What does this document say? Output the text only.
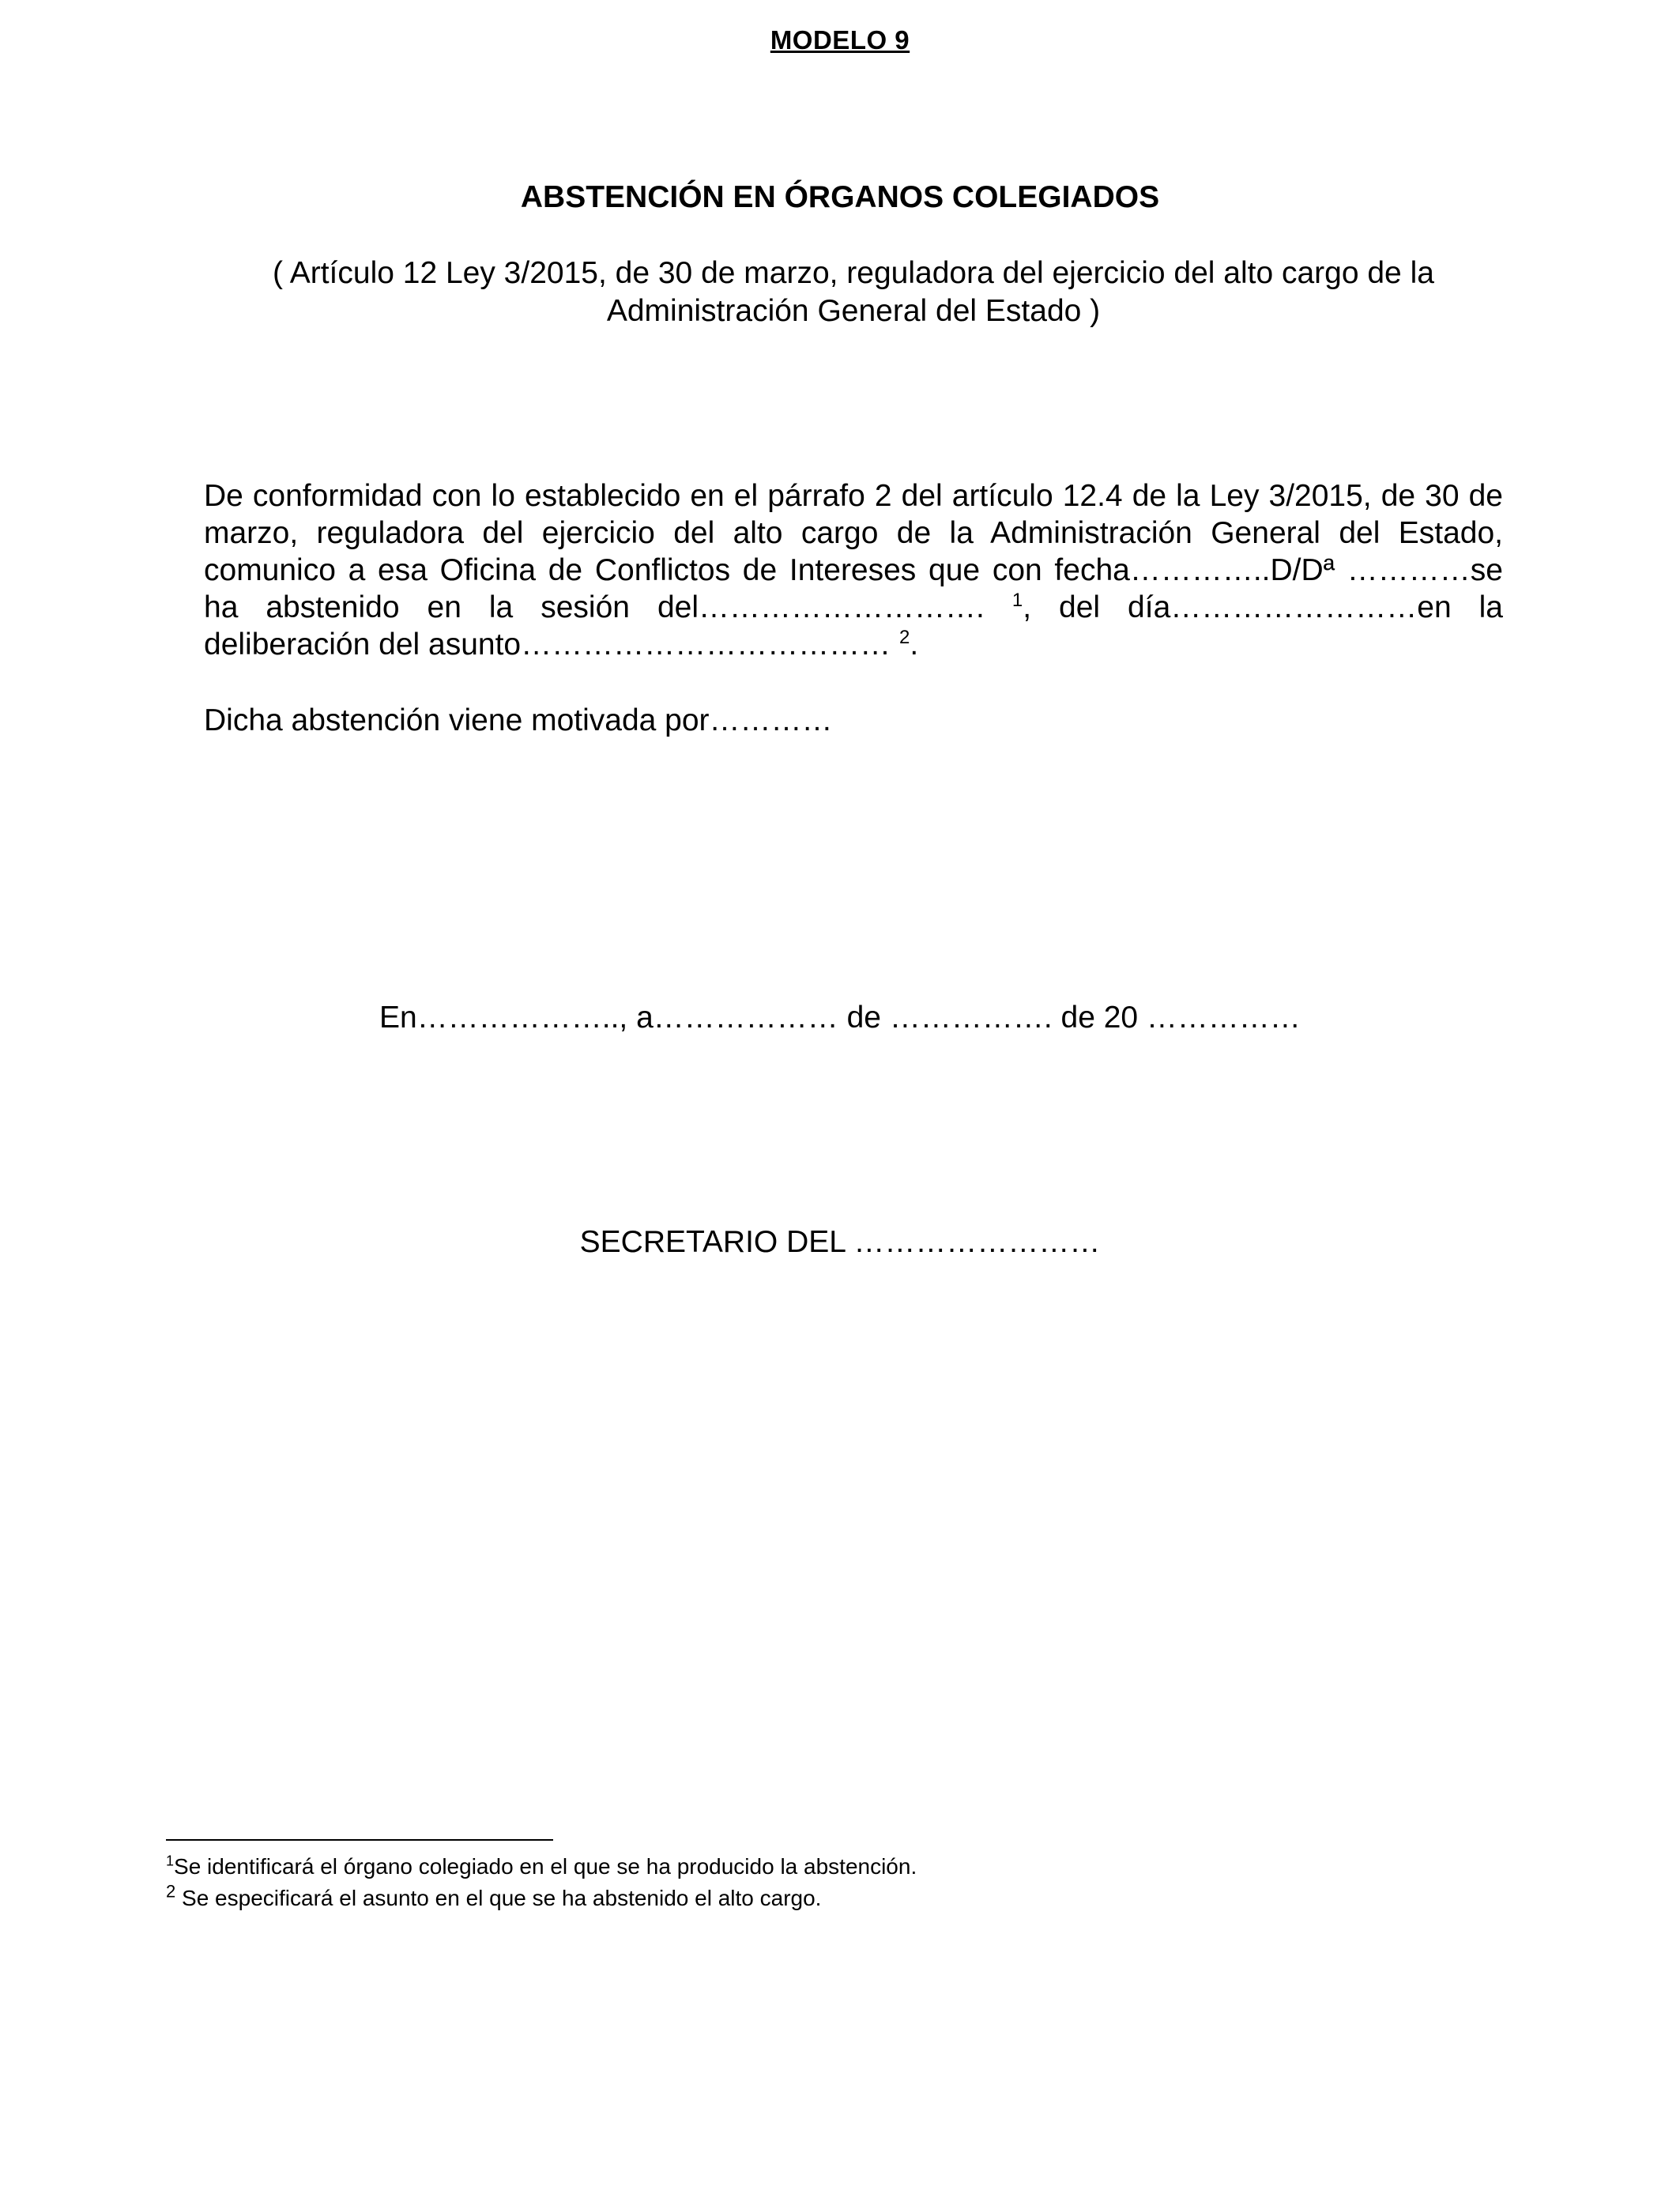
MODELO 9
ABSTENCIÓN EN ÓRGANOS COLEGIADOS
( Artículo 12 Ley 3/2015, de 30 de marzo, reguladora del ejercicio del alto cargo de la Administración General del Estado )
De conformidad con lo establecido en el párrafo 2 del artículo 12.4 de la Ley 3/2015, de 30 de marzo, reguladora del ejercicio del alto cargo de la Administración General del Estado, comunico a esa Oficina de Conflictos de Intereses que con fecha…………..D/Dª …………se ha abstenido en la sesión del………………………. $^1$, del día……………………en la deliberación del asunto……………………………… $^2$.
Dicha abstención viene motivada por…………
En……………….., a……………… de ……………. de 20 ……………
SECRETARIO DEL ……………………
$^1$Se identificará el órgano colegiado en el que se ha producido la abstención.
$^2$ Se especificará el asunto en el que se ha abstenido el alto cargo.
